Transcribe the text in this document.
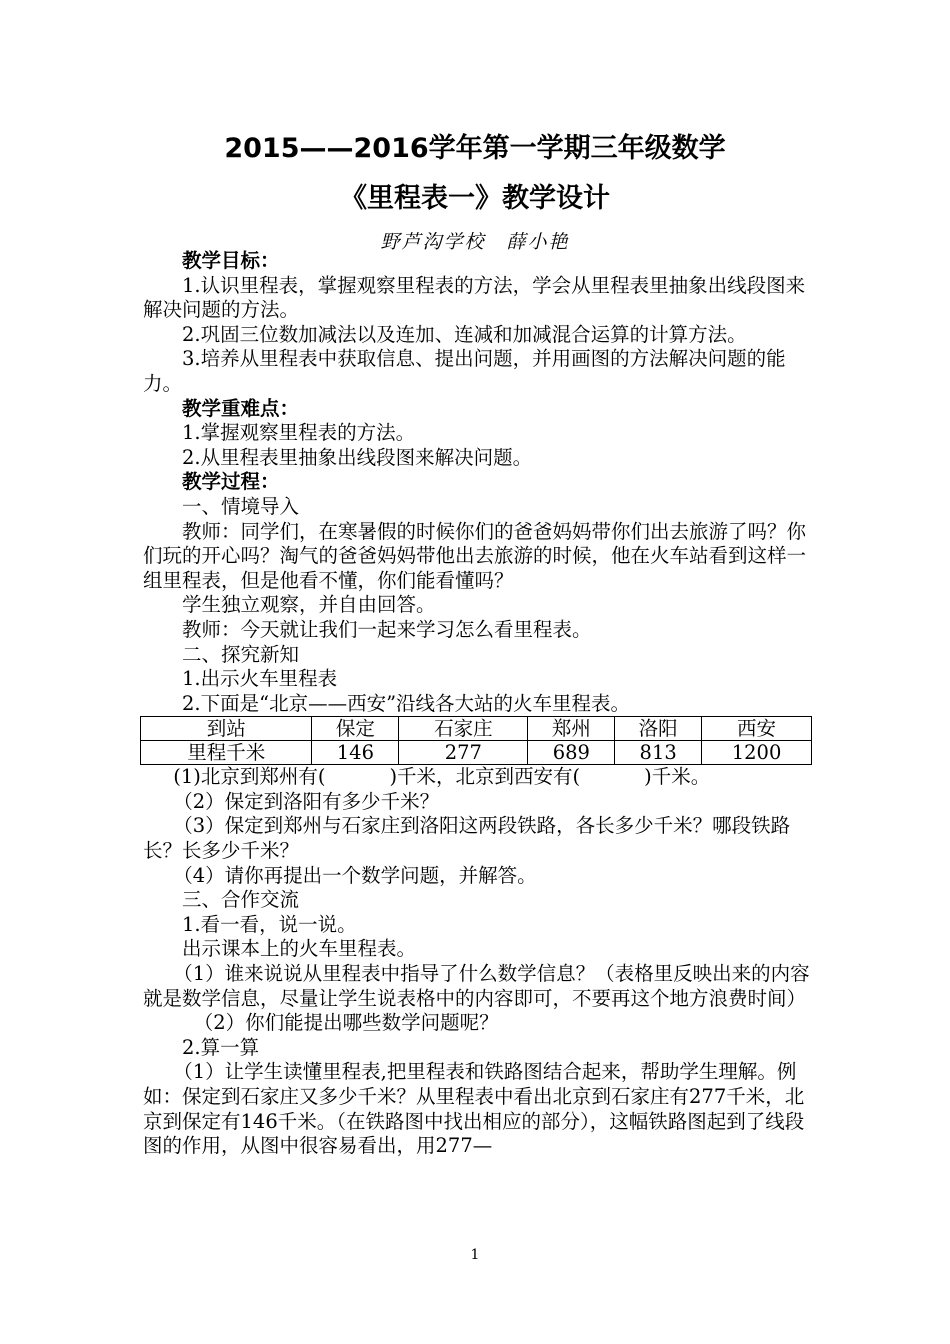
2015——2016学年第一学期三年级数学
《里程表一》教学设计
野芦沟学校　薛小艳

教学目标：

1.认识里程表，掌握观察里程表的方法，学会从里程表里抽象出线段图来解决问题的方法。

2.巩固三位数加减法以及连加、连减和加减混合运算的计算方法。

3.培养从里程表中获取信息、提出问题，并用画图的方法解决问题的能力。

教学重难点：

1.掌握观察里程表的方法。

2.从里程表里抽象出线段图来解决问题。

教学过程：

一、情境导入

教师：同学们，在寒暑假的时候你们的爸爸妈妈带你们出去旅游了吗？你们玩的开心吗？淘气的爸爸妈妈带他出去旅游的时候，他在火车站看到这样一组里程表，但是他看不懂，你们能看懂吗？

学生独立观察，并自由回答。

教师：今天就让我们一起来学习怎么看里程表。

二、探究新知

1.出示火车里程表

2.下面是“北京——西安”沿线各大站的火车里程表。

到站	保定	石家庄	郑州	洛阳	西安
里程千米	146	277	689	813	1200

(1)北京到郑州有(	)千米，北京到西安有(	)千米。

（2）保定到洛阳有多少千米？

（3）保定到郑州与石家庄到洛阳这两段铁路，各长多少千米？哪段铁路长？长多少千米？

（4）请你再提出一个数学问题，并解答。

三、合作交流

1.看一看，说一说。

出示课本上的火车里程表。

（1）谁来说说从里程表中指导了什么数学信息？（表格里反映出来的内容就是数学信息，尽量让学生说表格中的内容即可，不要再这个地方浪费时间）

（2）你们能提出哪些数学问题呢？

2.算一算

（1）让学生读懂里程表,把里程表和铁路图结合起来，帮助学生理解。例如：保定到石家庄又多少千米？从里程表中看出北京到石家庄有277千米，北京到保定有146千米。（在铁路图中找出相应的部分），这幅铁路图起到了线段图的作用，从图中很容易看出，用277—

1
